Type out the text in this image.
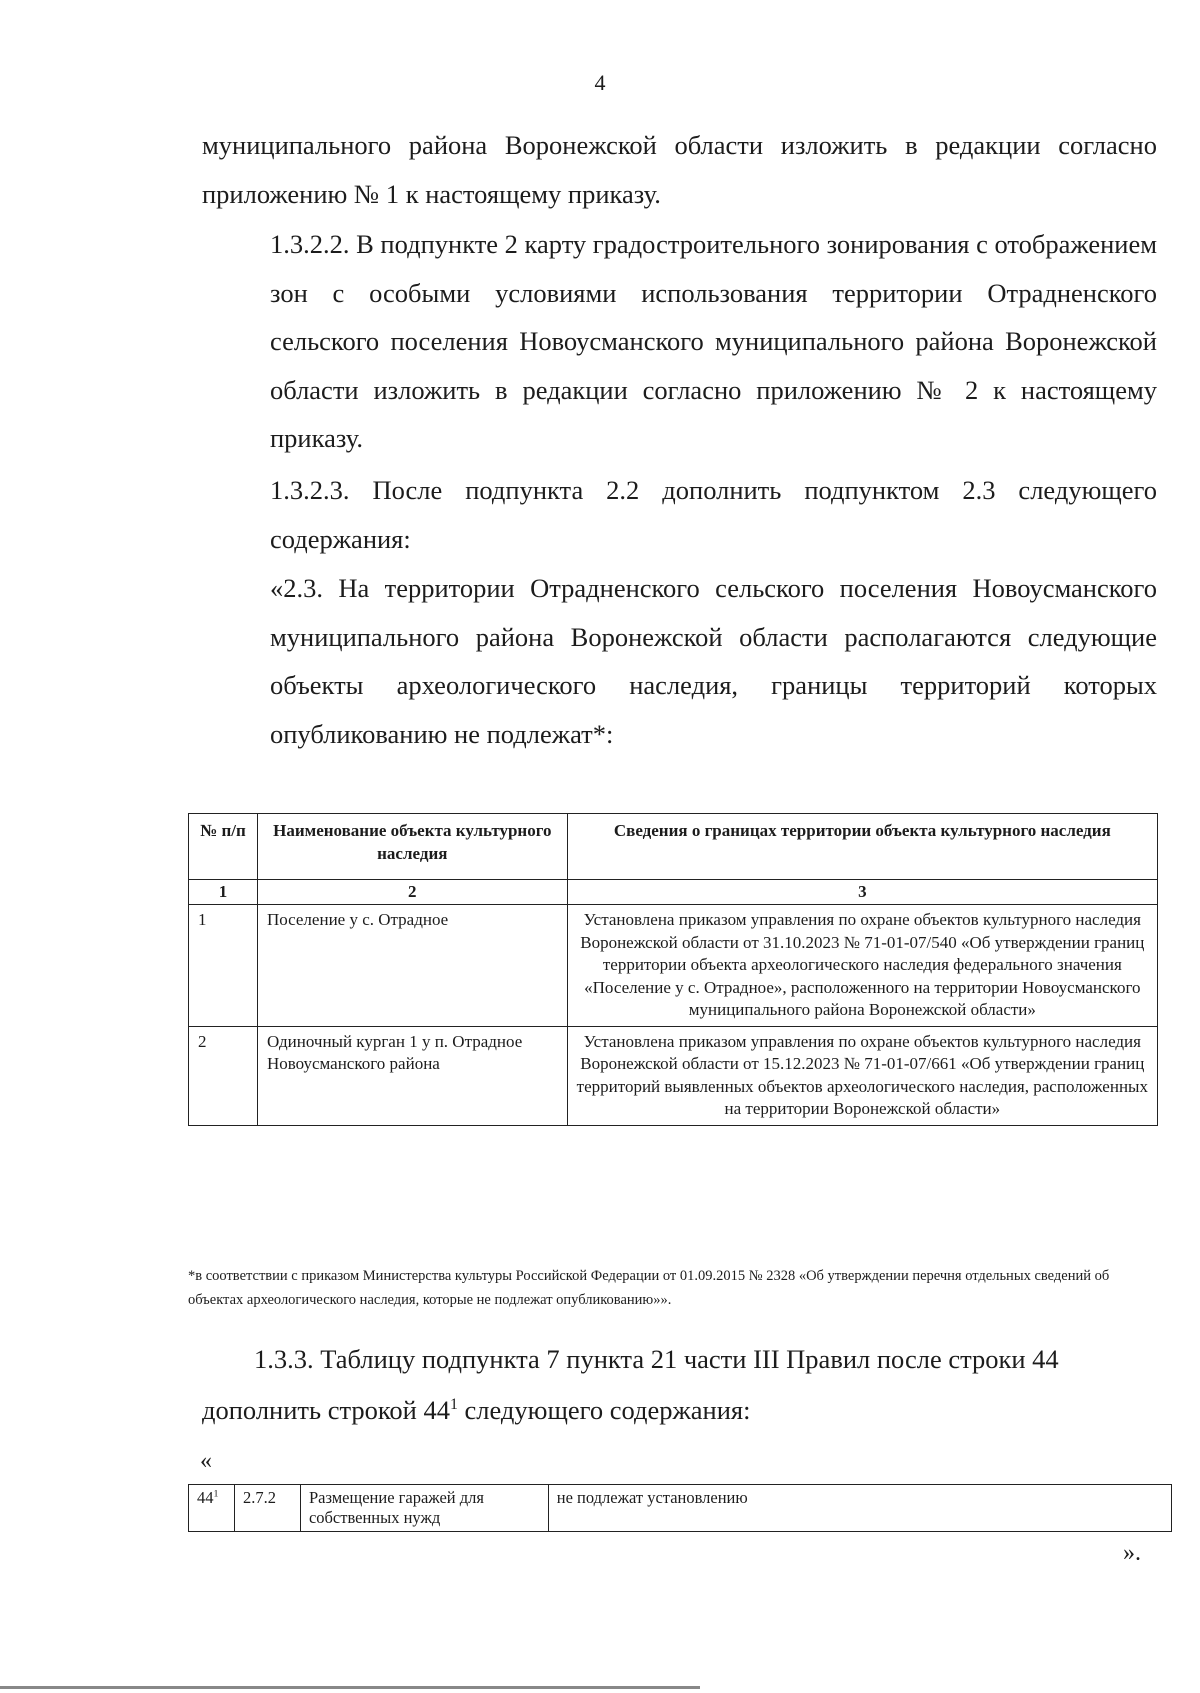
4

муниципального района Воронежской области изложить в редакции согласно

приложению № 1 к настоящему приказу.

1.3.2.2. В подпункте 2 карту градостроительного зонирования с отображением зон с особыми условиями использования территории Отрадненского сельского поселения Новоусманского муниципального района Воронежской области изложить в редакции согласно приложению № 2 к настоящему приказу.

1.3.2.3. После подпункта 2.2 дополнить подпунктом 2.3 следующего содержания:

«2.3. На территории Отрадненского сельского поселения Новоусманского муниципального района Воронежской области располагаются следующие объекты археологического наследия, границы территорий которых опубликованию не подлежат*:

№ п/п	Наименование объекта культурного наследия	Сведения о границах территории объекта культурного наследия
1	2	3
1	Поселение у с. Отрадное	Установлена приказом управления по охране объектов культурного наследия Воронежской области от 31.10.2023 № 71-01-07/540 «Об утверждении границ территории объекта археологического наследия федерального значения «Поселение у с. Отрадное», расположенного на территории Новоусманского муниципального района Воронежской области»
2	Одиночный курган 1 у п. Отрадное Новоусманского района	Установлена приказом управления по охране объектов культурного наследия Воронежской области от 15.12.2023 № 71-01-07/661 «Об утверждении границ территорий выявленных объектов археологического наследия, расположенных на территории Воронежской области»

*в соответствии с приказом Министерства культуры Российской Федерации от 01.09.2015 № 2328 «Об утверждении перечня отдельных сведений об объектах археологического наследия, которые не подлежат опубликованию»».

1.3.3. Таблицу подпункта 7 пункта 21 части III Правил после строки 44
дополнить строкой $44^1$ следующего содержания:
«
$44^1$	2.7.2	Размещение гаражей для собственных нужд	не подлежат установлению
».
